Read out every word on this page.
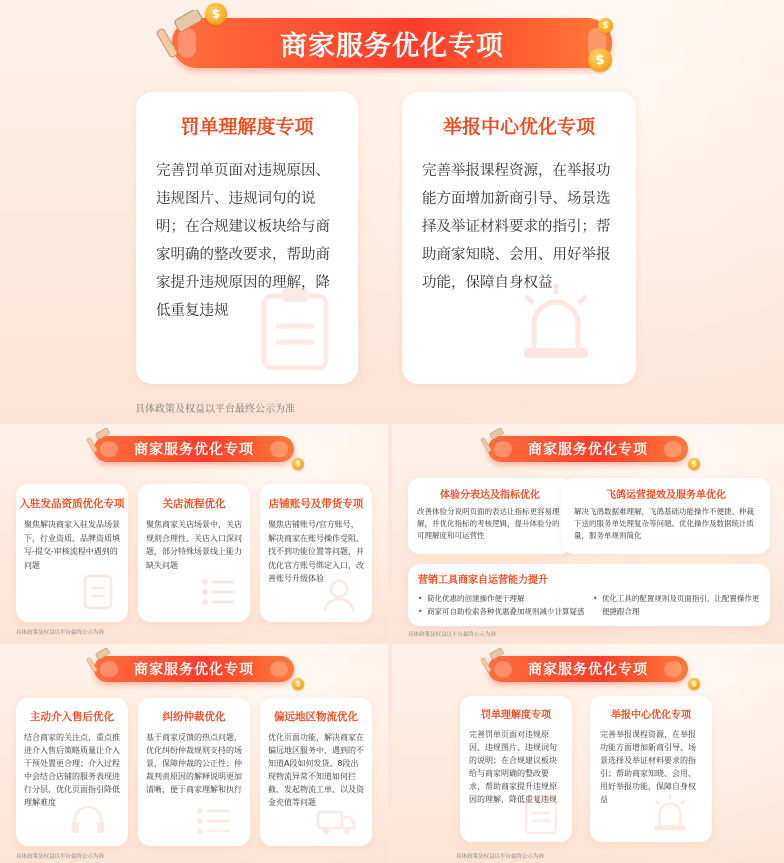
商家服务优化专项
$
$
$
罚单理解度专项
完善罚单页面对违规原因、违规图片、违规词句的说明；在合规建议板块给与商家明确的整改要求，帮助商家提升违规原因的理解，降低重复违规
举报中心优化专项
完善举报课程资源，在举报功能方面增加新商引导、场景选择及举证材料要求的指引；帮助商家知晓、会用、用好举报功能，保障自身权益
具体政策及权益以平台最终公示为准
商家服务优化专项
$
入驻发品资质优化专项
聚焦解决商家入驻发品场景下，行业资质、品牌资质填写-提交-审核流程中遇到的问题
关店流程优化
聚焦商家关店场景中，关店规则合理性、关店入口深问题，部分特殊场景线上能力缺失问题
店铺账号及带货专项
聚焦店铺账号/官方账号，解决商家在账号操作受阻、找不到功能位置等问题，并优化官方账号绑定入口，改善账号升级体验
具体政策及权益以平台最终公示为准
商家服务优化专项
$
体验分表达及指标优化
改善体验分说明页面的表达让指标更容易理解，并优化指标的考核逻辑，提升体验分的可理解度和可运营性
飞鸽运营提效及服务单优化
解决飞鸽数据难理解，飞鸽基础功能操作不便捷、仲裁下送的服务单处理复杂等问题。优化操作及数据统计质量，服务单规则简化
营销工具商家自运营能力提升
• 简化优惠的创建操作便于理解
• 商家可自助检索各种优惠叠加规则减少计算疑惑
• 优化工具的配置规则及页面指引，让配置操作更便捷跟合理
具体政策及权益以平台最终公示为准
商家服务优化专项
$
主动介入售后优化
结合商家的关注点，重点推进介入售后策略质量让介入干预处置更合理；介入过程中会结合店铺的服务表现进行分层，优化页面指引降低理解难度
纠纷仲裁优化
基于商家反馈的热点问题，优化纠纷仲裁规则支持的场景，保障仲裁的公正性；仲裁判责原因的解释说明更加清晰，便于商家理解和执行
偏远地区物流优化
优化页面功能，解决商家在偏远地区服务中，遇到的不知道A段如何发货、8段出现物流异常不知道如何拦截、发起物流工单、以及资金充值等问题
具体政策及权益以平台最终公示为准
商家服务优化专项
$
罚单理解度专项
完善罚单页面对违规原因、违规图片、违规词句的说明；在合规建议板块给与商家明确的整改要求，帮助商家提升违规原因的理解，降低重复违规
举报中心优化专项
完善举报课程资源，在举报功能方面增加新商引导、场景选择及举证材料要求的指引；帮助商家知晓、会用、用好举报功能，保障自身权益
具体政策及权益以平台最终公示为准
